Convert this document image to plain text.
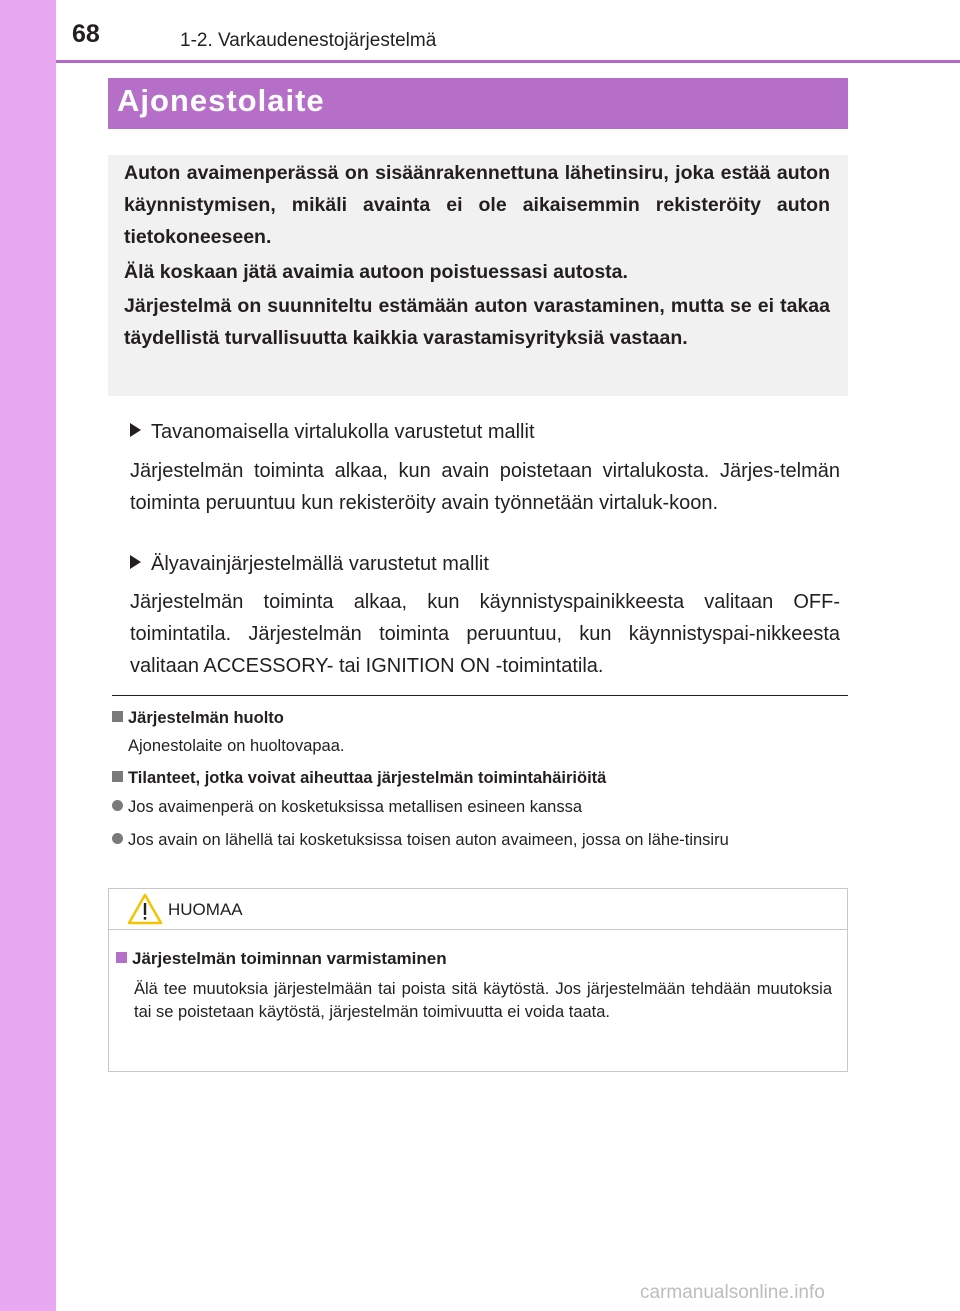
68	1-2. Varkaudenestojärjestelmä
Ajonestolaite

Auton avaimenperässä on sisäänrakennettuna lähetinsiru, joka estää auton käynnistymisen, mikäli avainta ei ole aikaisemmin rekisteröity auton tietokoneeseen.

Älä koskaan jätä avaimia autoon poistuessasi autosta.

Järjestelmä on suunniteltu estämään auton varastaminen, mutta se ei takaa täydellistä turvallisuutta kaikkia varastamisyrityksiä vastaan.

Tavanomaisella virtalukolla varustetut mallit

Järjestelmän toiminta alkaa, kun avain poistetaan virtalukosta. Järjes-telmän toiminta peruuntuu kun rekisteröity avain työnnetään virtaluk-koon.

Älyavainjärjestelmällä varustetut mallit

Järjestelmän toiminta alkaa, kun käynnistyspainikkeesta valitaan OFF-toimintatila. Järjestelmän toiminta peruuntuu, kun käynnistyspai-nikkeesta valitaan ACCESSORY- tai IGNITION ON -toimintatila.

Järjestelmän huolto
Ajonestolaite on huoltovapaa.
Tilanteet, jotka voivat aiheuttaa järjestelmän toimintahäiriöitä
Jos avaimenperä on kosketuksissa metallisen esineen kanssa
Jos avain on lähellä tai kosketuksissa toisen auton avaimeen, jossa on lähe-tinsiru
HUOMAA
Järjestelmän toiminnan varmistaminen

Älä tee muutoksia järjestelmään tai poista sitä käytöstä. Jos järjestelmään tehdään muutoksia tai se poistetaan käytöstä, järjestelmän toimivuutta ei voida taata.

carmanualsonline.info
